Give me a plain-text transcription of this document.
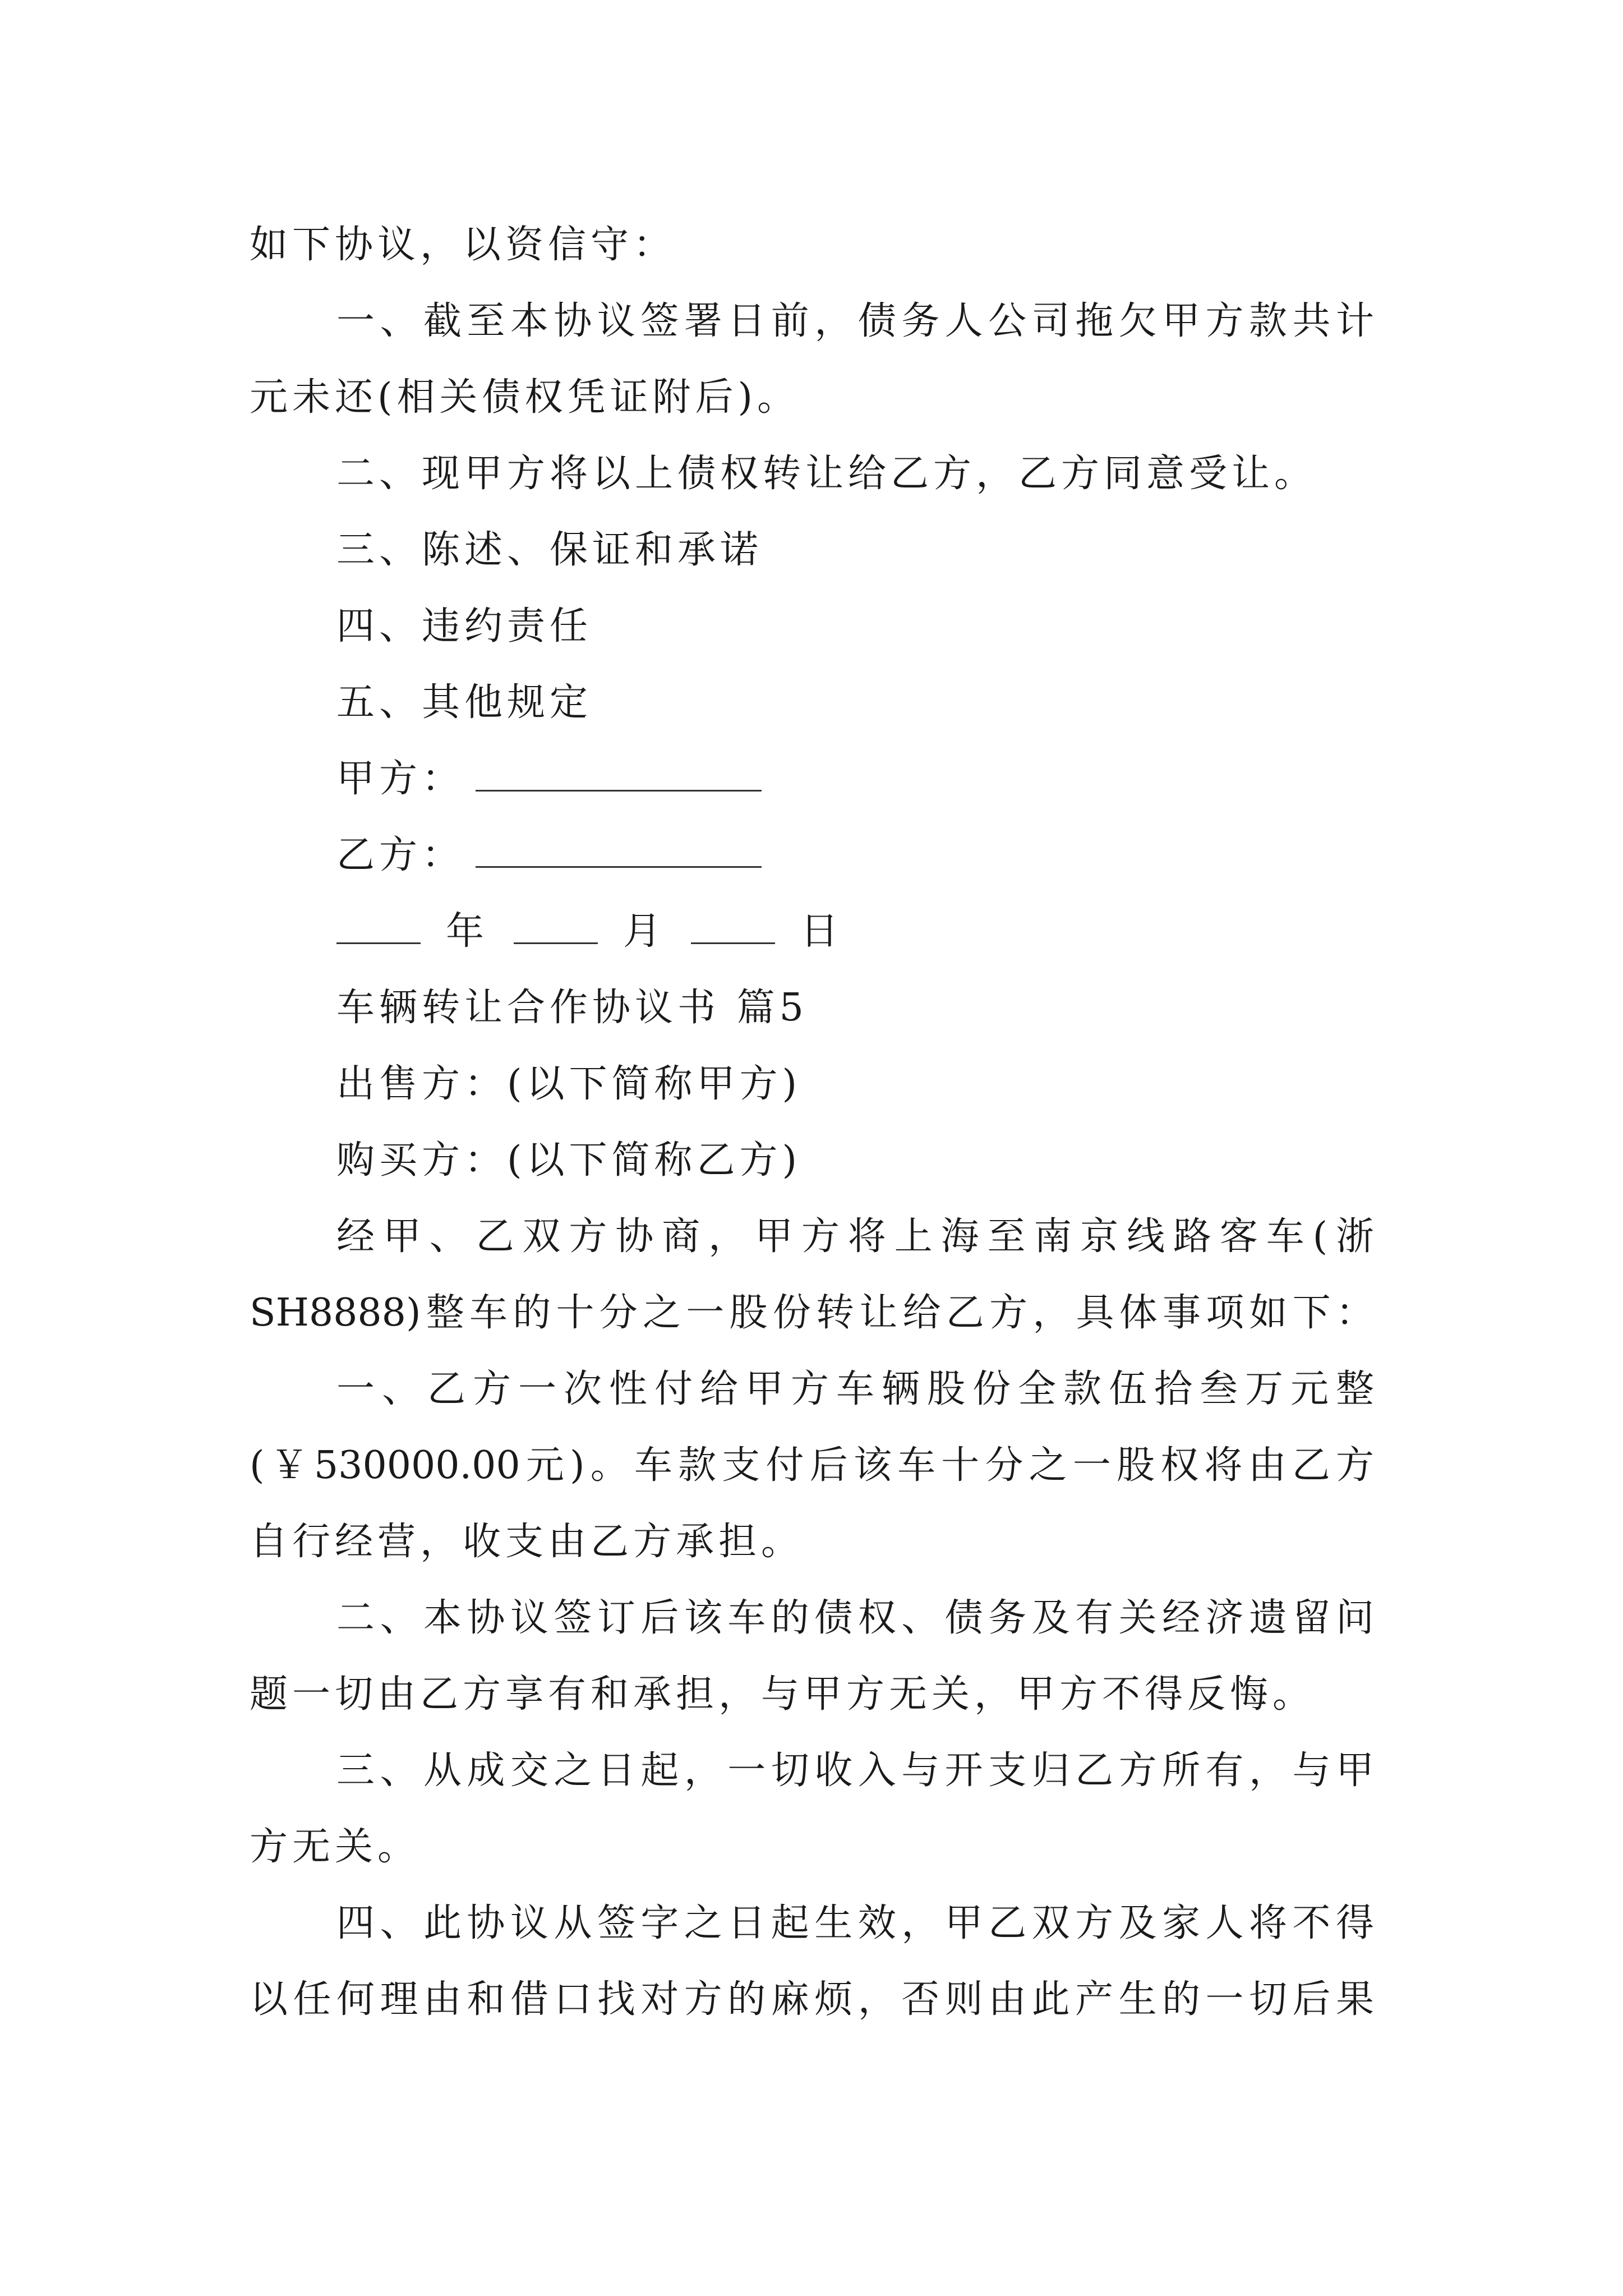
如下协议，以资信守：
一、截至本协议签署日前，债务人公司拖欠甲方款共计
元未还(相关债权凭证附后)。
二、现甲方将以上债权转让给乙方，乙方同意受让。
三、陈述、保证和承诺
四、违约责任
五、其他规定
甲方：
乙方：
年	月	日
车辆转让合作协议书 篇5
出售方：(以下简称甲方)
购买方：(以下简称乙方)
经甲、乙双方协商，甲方将上海至南京线路客车(浙
SH8888)整车的十分之一股份转让给乙方，具体事项如下：
一、乙方一次性付给甲方车辆股份全款伍拾叁万元整
(￥530000.00元)。车款支付后该车十分之一股权将由乙方
自行经营，收支由乙方承担。
二、本协议签订后该车的债权、债务及有关经济遗留问
题一切由乙方享有和承担，与甲方无关，甲方不得反悔。
三、从成交之日起，一切收入与开支归乙方所有，与甲
方无关。
四、此协议从签字之日起生效，甲乙双方及家人将不得
以任何理由和借口找对方的麻烦，否则由此产生的一切后果
